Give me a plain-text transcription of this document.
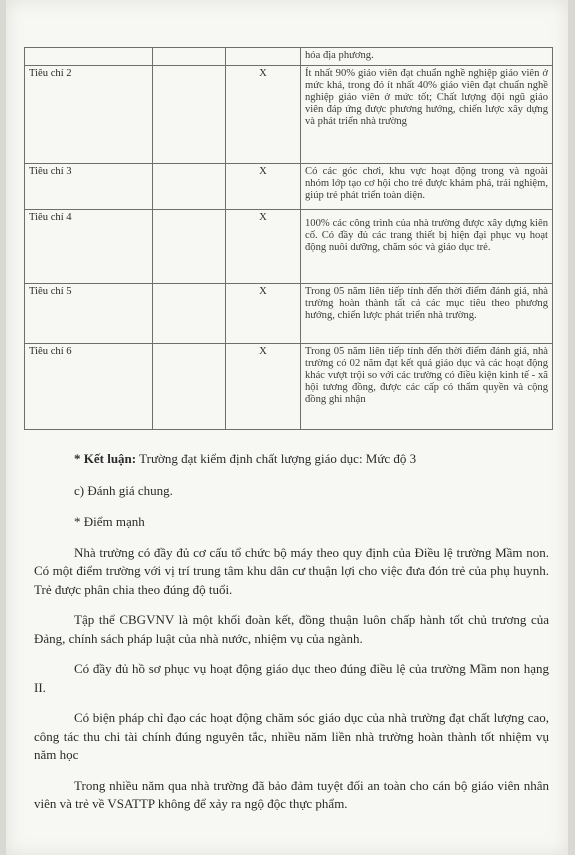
			hóa địa phương.
Tiêu chí 2		X	Ít nhất 90% giáo viên đạt chuẩn nghề nghiệp giáo viên ở mức khá, trong đó ít nhất 40% giáo viên đạt chuẩn nghề nghiệp giáo viên ở mức tốt; Chất lượng đội ngũ giáo viên đáp ứng được phương hướng, chiến lược xây dựng và phát triển nhà trường
Tiêu chí 3		X	Có các góc chơi, khu vực hoạt động trong và ngoài nhóm lớp tạo cơ hội cho trẻ được khám phá, trải nghiệm, giúp trẻ phát triển toàn diện.
Tiêu chí 4		X	100% các công trình của nhà trường được xây dựng kiên cố. Có đầy đủ các trang thiết bị hiện đại phục vụ hoạt động nuôi dưỡng, chăm sóc và giáo dục trẻ.
Tiêu chí 5		X	Trong 05 năm liên tiếp tính đến thời điểm đánh giá, nhà trường hoàn thành tất cả các mục tiêu theo phương hướng, chiến lược phát triển nhà trường.
Tiêu chí 6		X	Trong 05 năm liên tiếp tính đến thời điểm đánh giá, nhà trường có 02 năm đạt kết quả giáo dục và các hoạt động khác vượt trội so với các trường có điều kiện kinh tế - xã hội tương đồng, được các cấp có thẩm quyền và cộng đồng ghi nhận

* Kết luận: Trường đạt kiểm định chất lượng giáo dục: Mức độ 3

c) Đánh giá chung.

* Điểm mạnh

Nhà trường có đầy đủ cơ cấu tổ chức bộ máy theo quy định của Điều lệ trường Mầm non. Có một điểm trường với vị trí trung tâm khu dân cư thuận lợi cho việc đưa đón trẻ của phụ huynh. Trẻ được phân chia theo đúng độ tuổi.

Tập thể CBGVNV là một khối đoàn kết, đồng thuận luôn chấp hành tốt chủ trương của Đảng, chính sách pháp luật của nhà nước, nhiệm vụ của ngành.

Có đầy đủ hồ sơ phục vụ hoạt động giáo dục theo đúng điều lệ của trường Mầm non hạng II.

Có biện pháp chỉ đạo các hoạt động chăm sóc giáo dục của nhà trường đạt chất lượng cao, công tác thu chi tài chính đúng nguyên tắc, nhiều năm liền nhà trường hoàn thành tốt nhiệm vụ năm học

Trong nhiều năm qua nhà trường đã bảo đảm tuyệt đối an toàn cho cán bộ giáo viên nhân viên và trẻ về VSATTP không để xảy ra ngộ độc thực phẩm.
